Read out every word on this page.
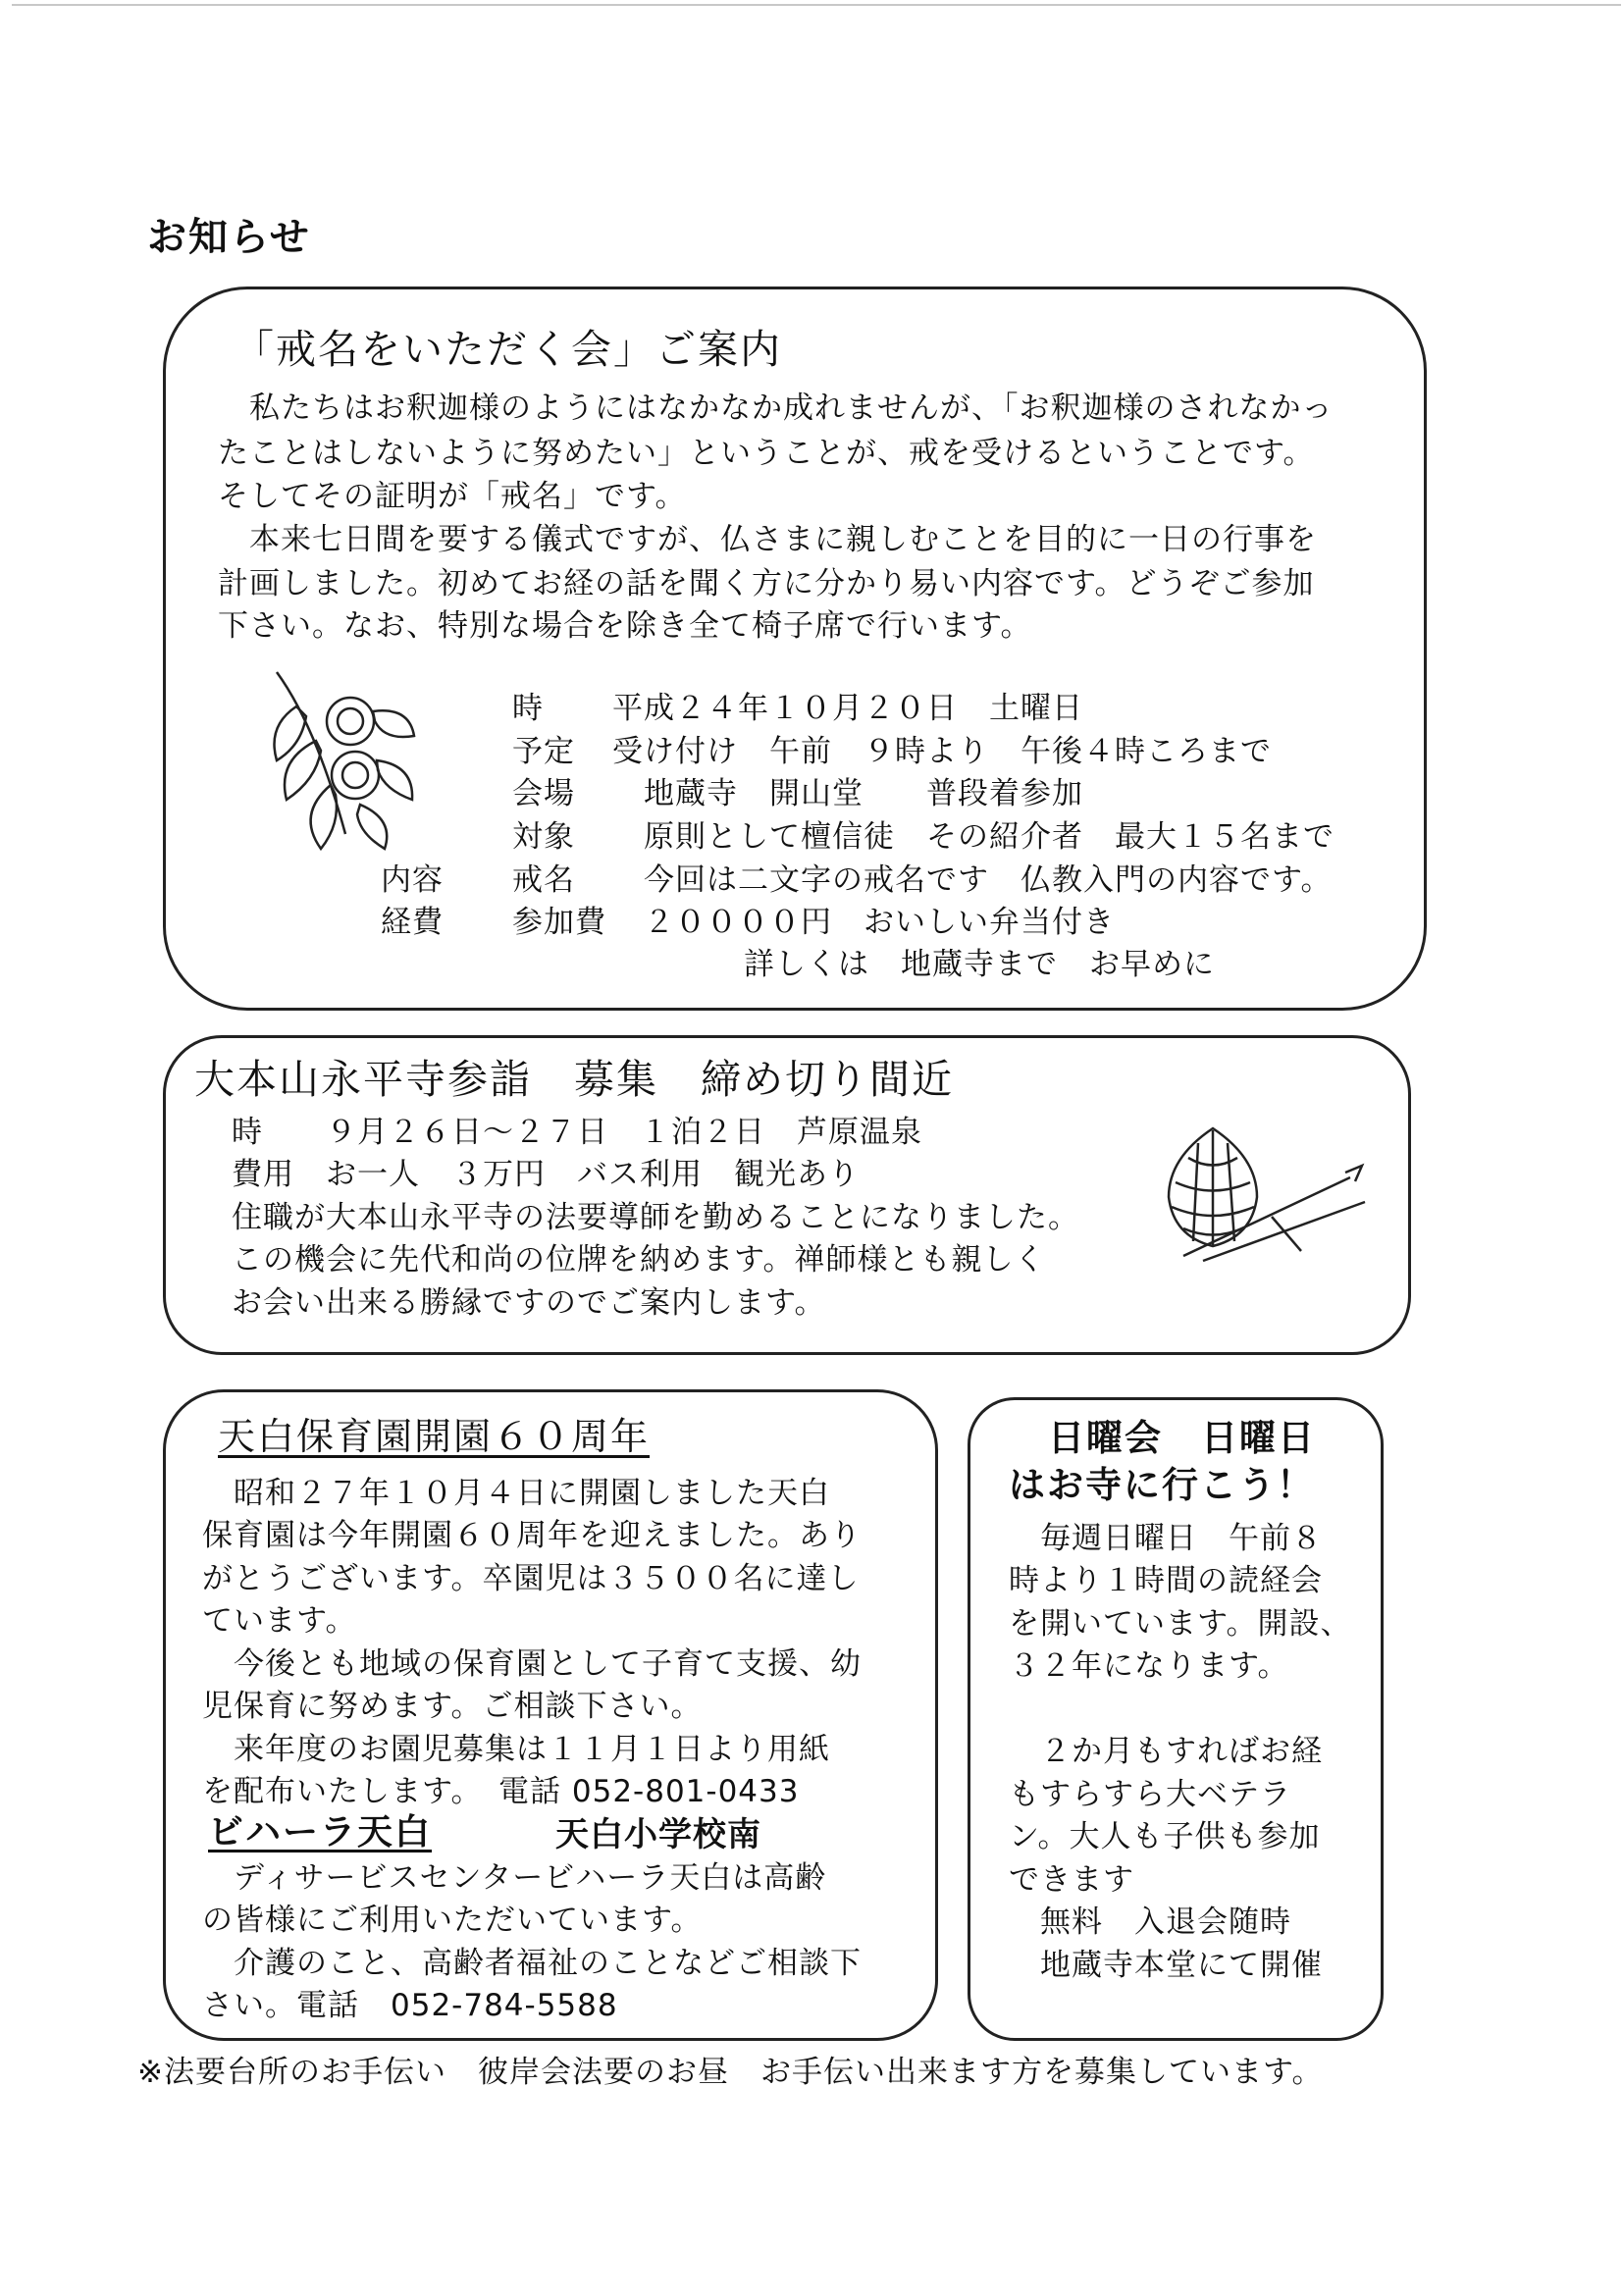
お知らせ
「戒名をいただく会」ご案内
　私たちはお釈迦様のようにはなかなか成れませんが、「お釈迦様のされなかっ
たことはしないように努めたい」ということが、戒を受けるということです。
そしてその証明が「戒名」です。
　本来七日間を要する儀式ですが、仏さまに親しむことを目的に一日の行事を
計画しました。初めてお経の話を聞く方に分かり易い内容です。どうぞご参加
下さい。なお、特別な場合を除き全て椅子席で行います。
時 平成２４年１０月２０日　土曜日
予定 受け付け　午前　９時より　午後４時ころまで
会場 地蔵寺　開山堂　　普段着参加
対象 原則として檀信徒　その紹介者　最大１５名まで
内容 戒名 今回は二文字の戒名です　仏教入門の内容です。
経費 参加費 ２００００円　おいしい弁当付き
詳しくは　地蔵寺まで　お早めに
大本山永平寺参詣　募集　締め切り間近
時　　９月２６日～２７日　１泊２日　芦原温泉
費用　お一人　３万円　バス利用　観光あり
住職が大本山永平寺の法要導師を勤めることになりました。
この機会に先代和尚の位牌を納めます。禅師様とも親しく
お会い出来る勝縁ですのでご案内します。
天白保育園開園６０周年
　昭和２７年１０月４日に開園しました天白
保育園は今年開園６０周年を迎えました。あり
がとうございます。卒園児は３５００名に達し
ています。
　今後とも地域の保育園として子育て支援、幼
児保育に努めます。ご相談下さい。
　来年度のお園児募集は１１月１日より用紙
を配布いたします。　電話 052-801-0433
ビハーラ天白	天白小学校南
　ディサービスセンタービハーラ天白は高齢
の皆様にご利用いただいています。
　介護のこと、高齢者福祉のことなどご相談下
さい。電話　052-784-5588
日曜会　日曜日
はお寺に行こう！
　毎週日曜日　午前８
時より１時間の読経会
を開いています。開設、
３２年になります。
　２か月もすればお経
もすらすら大ベテラ
ン。大人も子供も参加
できます
　無料　入退会随時
　地蔵寺本堂にて開催
※法要台所のお手伝い　彼岸会法要のお昼　お手伝い出来ます方を募集しています。
